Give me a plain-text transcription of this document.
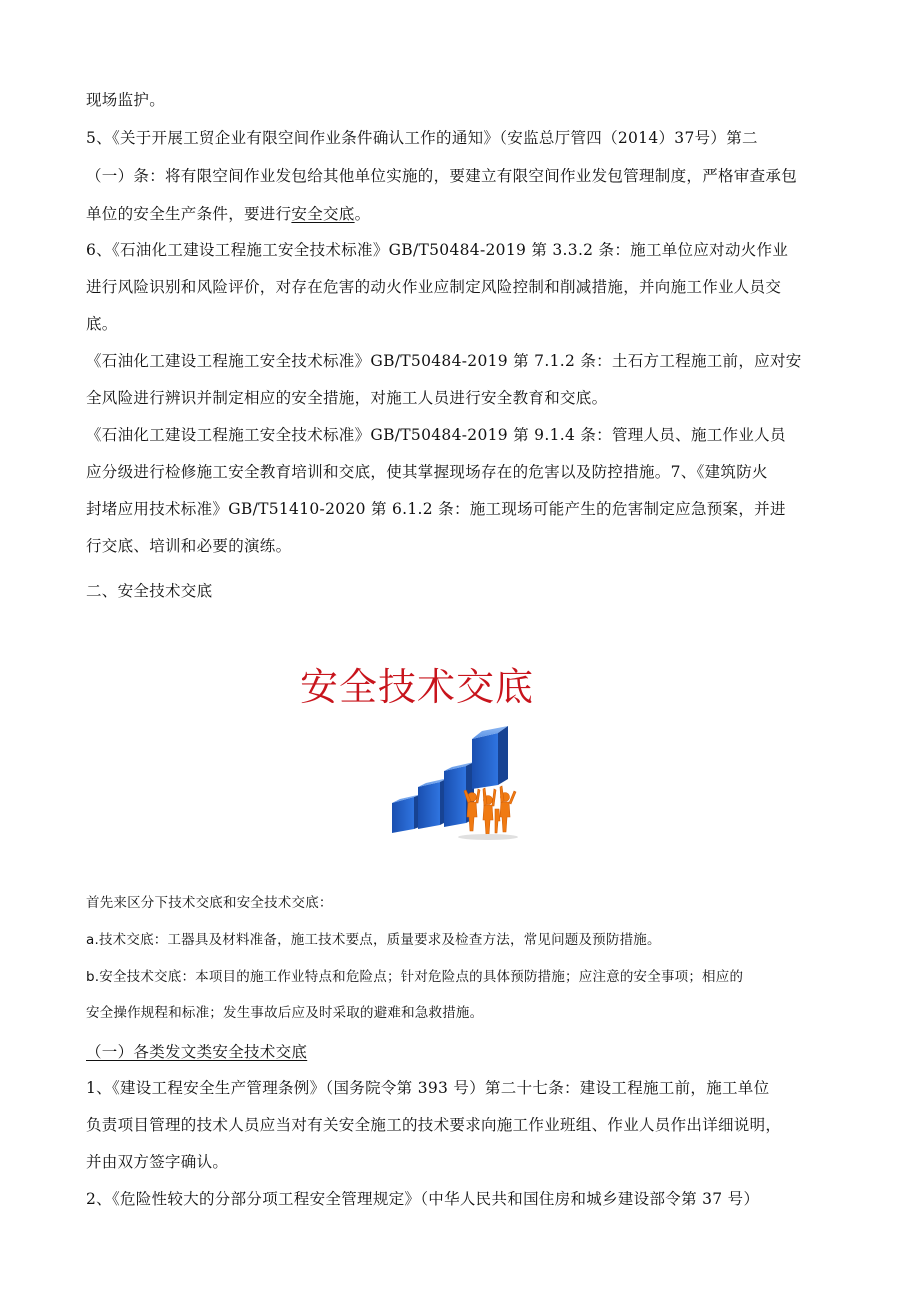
现场监护。
5、《关于开展工贸企业有限空间作业条件确认工作的通知》（安监总厅管四（2014）37号）第二
（一）条：将有限空间作业发包给其他单位实施的，要建立有限空间作业发包管理制度，严格审查承包
单位的安全生产条件，要进行安全交底。
6、《石油化工建设工程施工安全技术标准》GB/T50484-2019 第 3.3.2 条：施工单位应对动火作业
进行风险识别和风险评价，对存在危害的动火作业应制定风险控制和削减措施，并向施工作业人员交
底。
《石油化工建设工程施工安全技术标准》GB/T50484-2019 第 7.1.2 条：土石方工程施工前，应对安
全风险进行辨识并制定相应的安全措施，对施工人员进行安全教育和交底。
《石油化工建设工程施工安全技术标准》GB/T50484-2019 第 9.1.4 条：管理人员、施工作业人员
应分级进行检修施工安全教育培训和交底，使其掌握现场存在的危害以及防控措施。7、《建筑防火
封堵应用技术标准》GB/T51410-2020 第 6.1.2 条：施工现场可能产生的危害制定应急预案，并进
行交底、培训和必要的演练。
二、安全技术交底
安全技术交底
首先来区分下技术交底和安全技术交底：
a.技术交底：工器具及材料准备，施工技术要点，质量要求及检查方法，常见问题及预防措施。
b.安全技术交底：本项目的施工作业特点和危险点；针对危险点的具体预防措施；应注意的安全事项；相应的
安全操作规程和标准；发生事故后应及时采取的避难和急救措施。
（一）各类发文类安全技术交底
1、《建设工程安全生产管理条例》（国务院令第 393 号）第二十七条：建设工程施工前，施工单位
负责项目管理的技术人员应当对有关安全施工的技术要求向施工作业班组、作业人员作出详细说明，
并由双方签字确认。
2、《危险性较大的分部分项工程安全管理规定》（中华人民共和国住房和城乡建设部令第 37 号）
